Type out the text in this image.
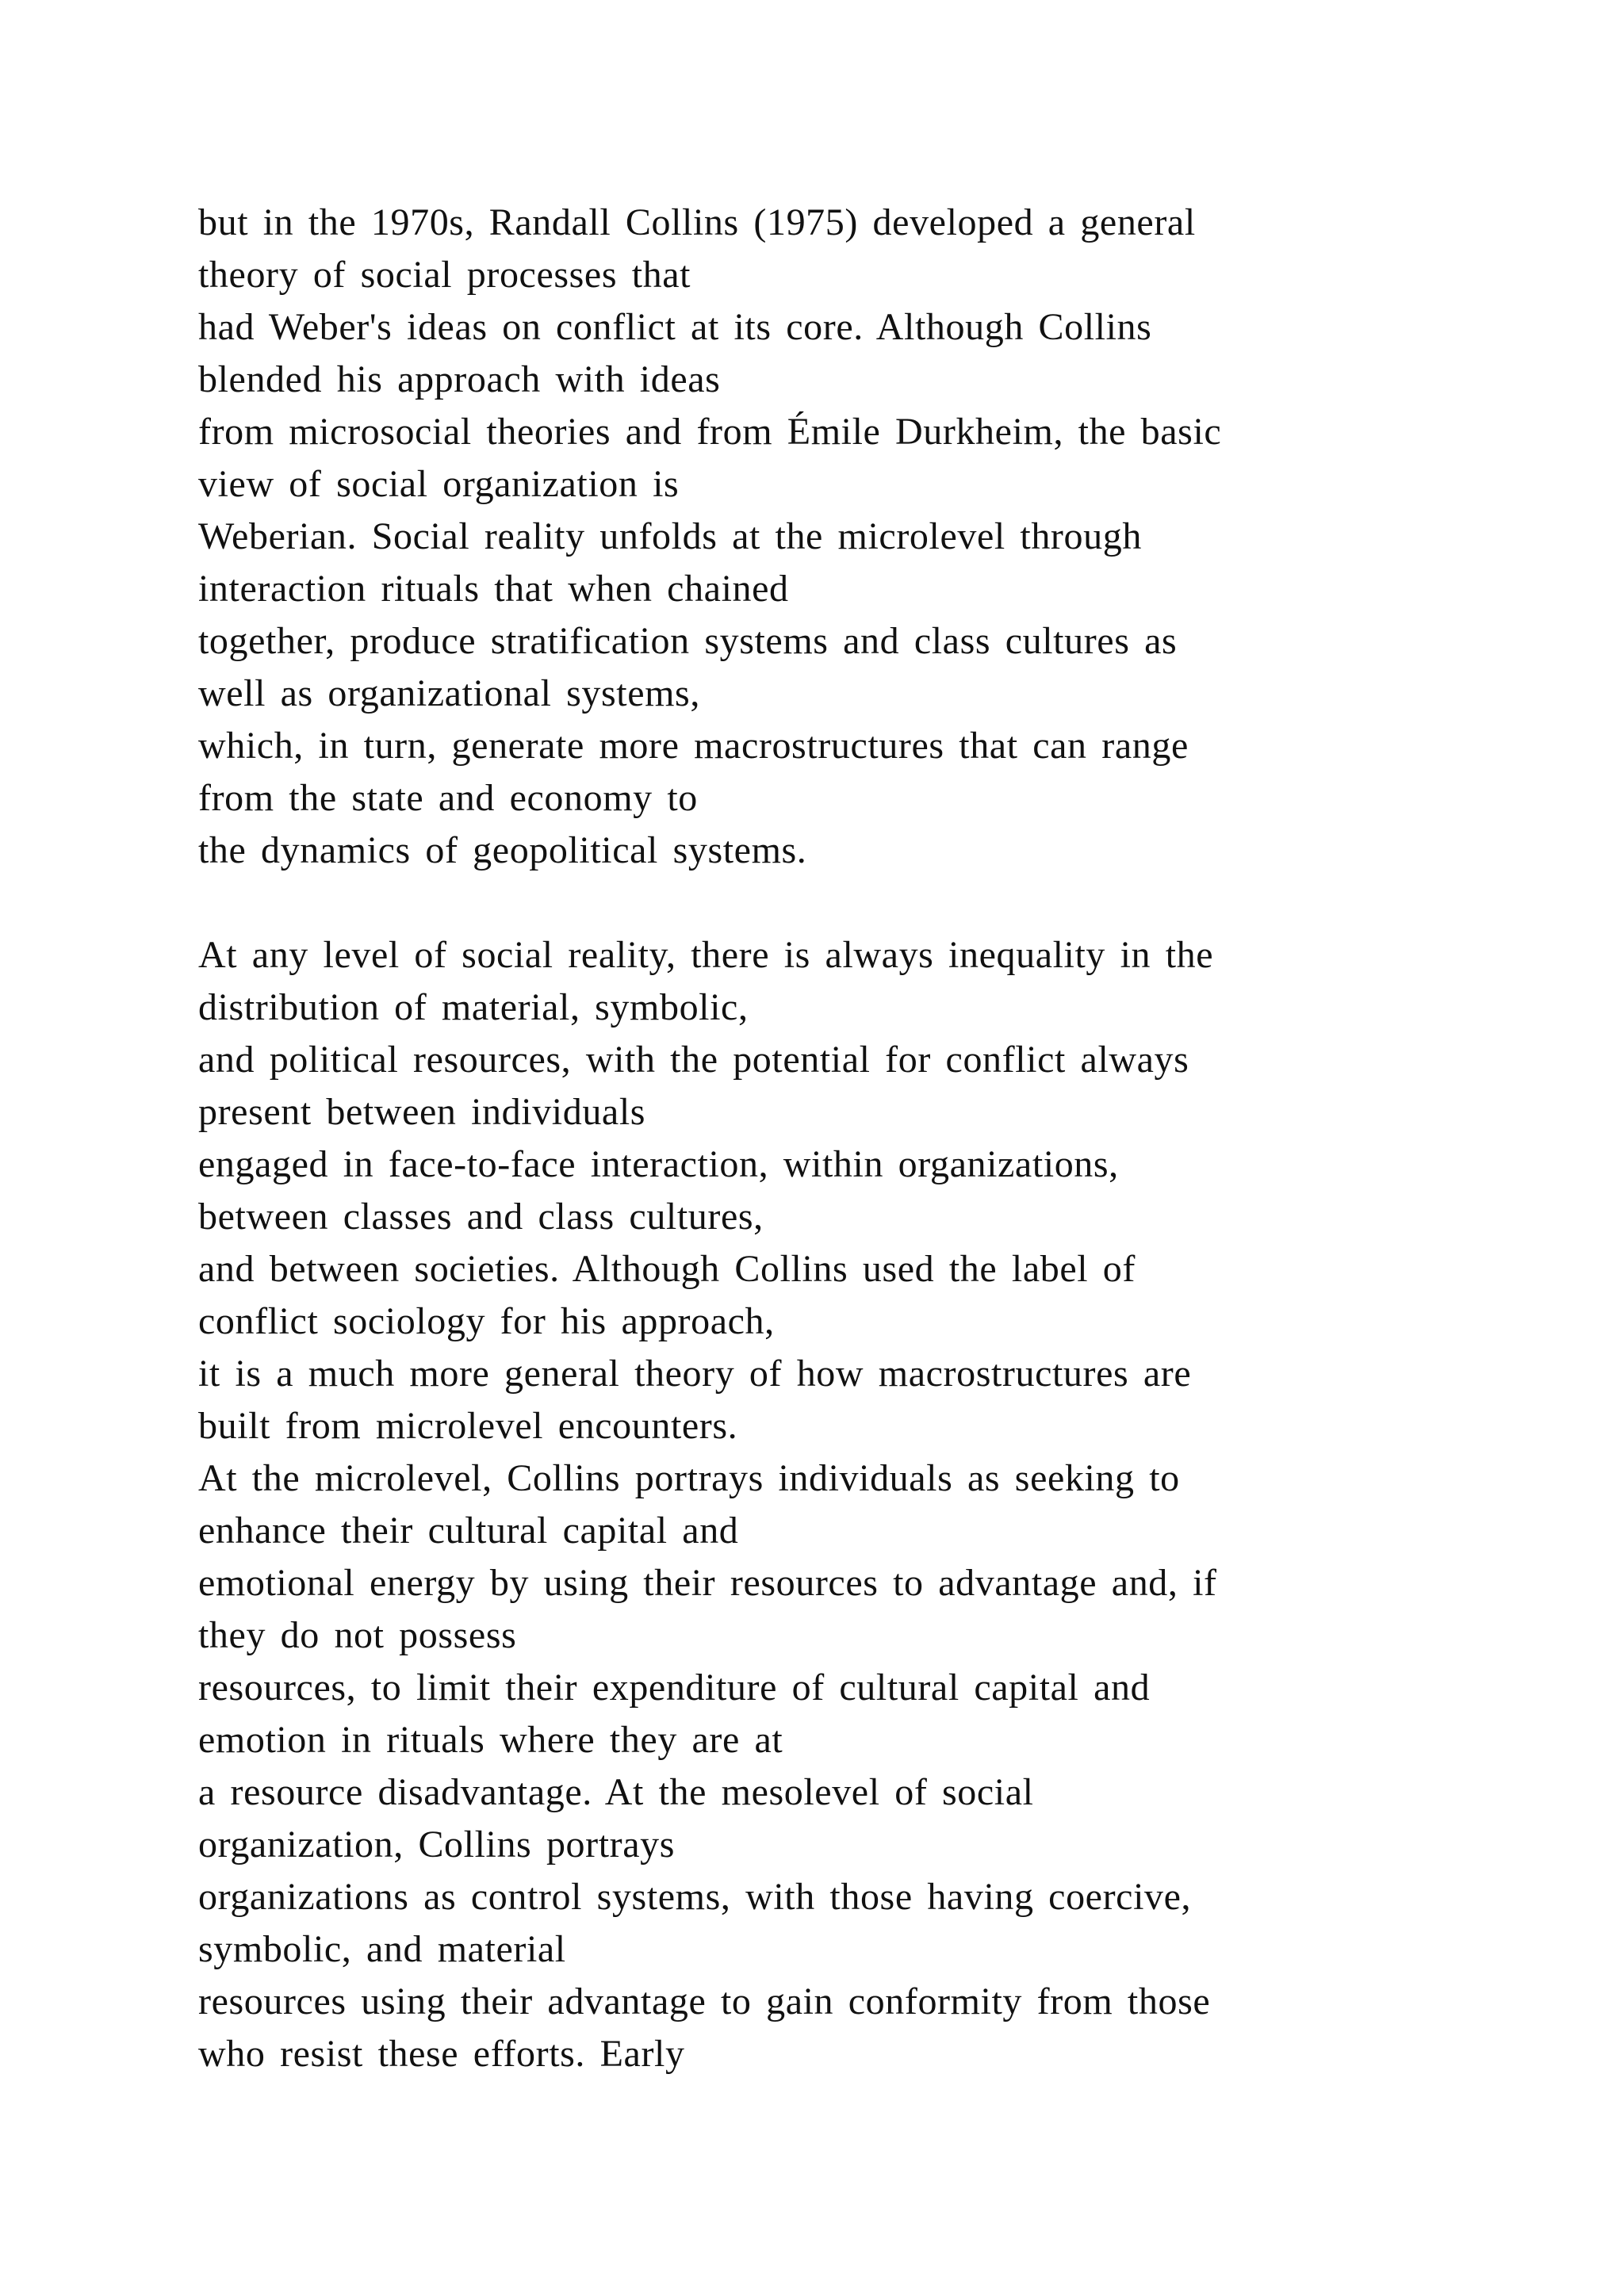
but in the 1970s, Randall Collins (1975) developed a general
theory of social processes that
had Weber's ideas on conflict at its core. Although Collins
blended his approach with ideas
from microsocial theories and from Émile Durkheim, the basic
view of social organization is
Weberian. Social reality unfolds at the microlevel through
interaction rituals that when chained
together, produce stratification systems and class cultures as
well as organizational systems,
which, in turn, generate more macrostructures that can range
from the state and economy to
the dynamics of geopolitical systems.
At any level of social reality, there is always inequality in the
distribution of material, symbolic,
and political resources, with the potential for conflict always
present between individuals
engaged in face-to-face interaction, within organizations,
between classes and class cultures,
and between societies. Although Collins used the label of
conflict sociology for his approach,
it is a much more general theory of how macrostructures are
built from microlevel encounters.
At the microlevel, Collins portrays individuals as seeking to
enhance their cultural capital and
emotional energy by using their resources to advantage and, if
they do not possess
resources, to limit their expenditure of cultural capital and
emotion in rituals where they are at
a resource disadvantage. At the mesolevel of social
organization, Collins portrays
organizations as control systems, with those having coercive,
symbolic, and material
resources using their advantage to gain conformity from those
who resist these efforts. Early
